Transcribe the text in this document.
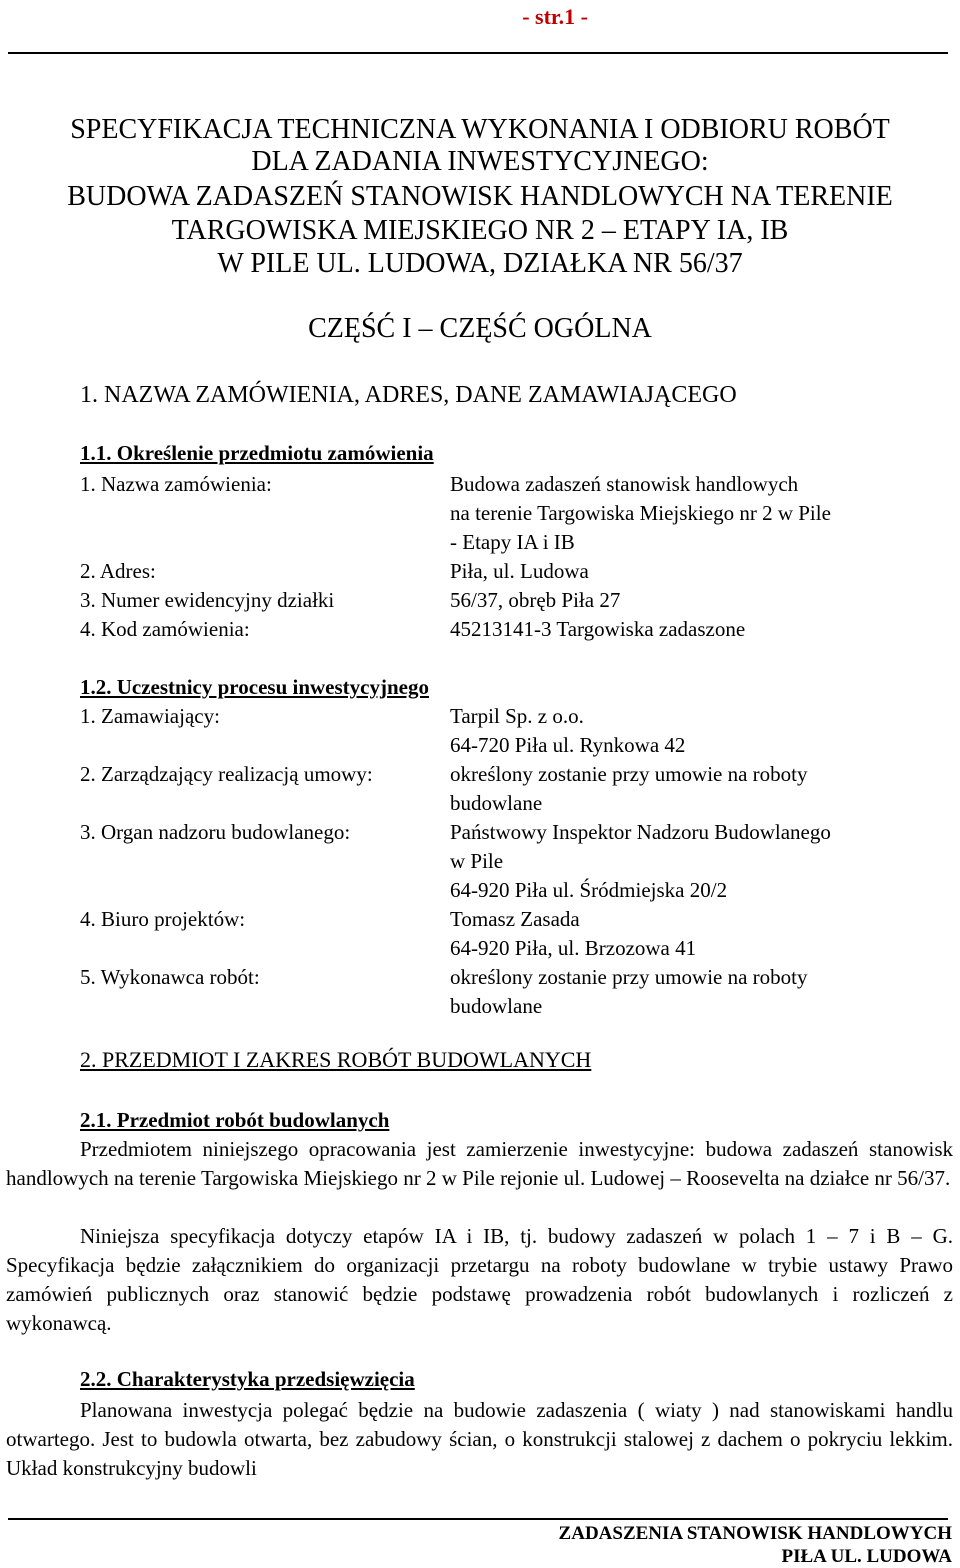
- str.1 -
SPECYFIKACJA TECHNICZNA WYKONANIA I ODBIORU ROBÓT
DLA ZADANIA INWESTYCYJNEGO:
BUDOWA ZADASZEŃ STANOWISK HANDLOWYCH NA TERENIE
TARGOWISKA MIEJSKIEGO NR 2 – ETAPY IA, IB
W PILE UL. LUDOWA, DZIAŁKA NR 56/37
CZĘŚĆ I – CZĘŚĆ OGÓLNA
1. NAZWA ZAMÓWIENIA, ADRES, DANE ZAMAWIAJĄCEGO
1.1. Określenie przedmiotu zamówienia
1. Nazwa zamówienia:	Budowa zadaszeń stanowisk handlowych
na terenie Targowiska Miejskiego nr 2 w Pile
- Etapy IA i IB
2. Adres:	Piła, ul. Ludowa
3. Numer ewidencyjny działki	56/37, obręb Piła 27
4. Kod zamówienia:	45213141-3 Targowiska zadaszone
1.2. Uczestnicy procesu inwestycyjnego
1. Zamawiający:	Tarpil Sp. z o.o.
64-720 Piła ul. Rynkowa 42
2. Zarządzający realizacją umowy:	określony zostanie przy umowie na roboty
budowlane
3. Organ nadzoru budowlanego:	Państwowy Inspektor Nadzoru Budowlanego
w Pile
64-920 Piła ul. Śródmiejska 20/2
4. Biuro projektów:	Tomasz Zasada
64-920 Piła, ul. Brzozowa 41
5. Wykonawca robót:	określony zostanie przy umowie na roboty
budowlane
2. PRZEDMIOT I ZAKRES ROBÓT BUDOWLANYCH
2.1. Przedmiot robót budowlanych
Przedmiotem niniejszego opracowania jest zamierzenie inwestycyjne: budowa zadaszeń stanowisk handlowych na terenie Targowiska Miejskiego nr 2 w Pile rejonie ul. Ludowej – Roosevelta na działce nr 56/37.
Niniejsza specyfikacja dotyczy etapów IA i IB, tj. budowy zadaszeń w polach 1 – 7 i B – G. Specyfikacja będzie załącznikiem do organizacji przetargu na roboty budowlane w trybie ustawy Prawo zamówień publicznych oraz stanowić będzie podstawę prowadzenia robót budowlanych i rozliczeń z wykonawcą.
2.2. Charakterystyka przedsięwzięcia
Planowana inwestycja polegać będzie na budowie zadaszenia ( wiaty ) nad stanowiskami handlu otwartego. Jest to budowla otwarta, bez zabudowy ścian, o konstrukcji stalowej z dachem o pokryciu lekkim. Układ konstrukcyjny budowli
ZADASZENIA STANOWISK HANDLOWYCH
PIŁA UL. LUDOWA
